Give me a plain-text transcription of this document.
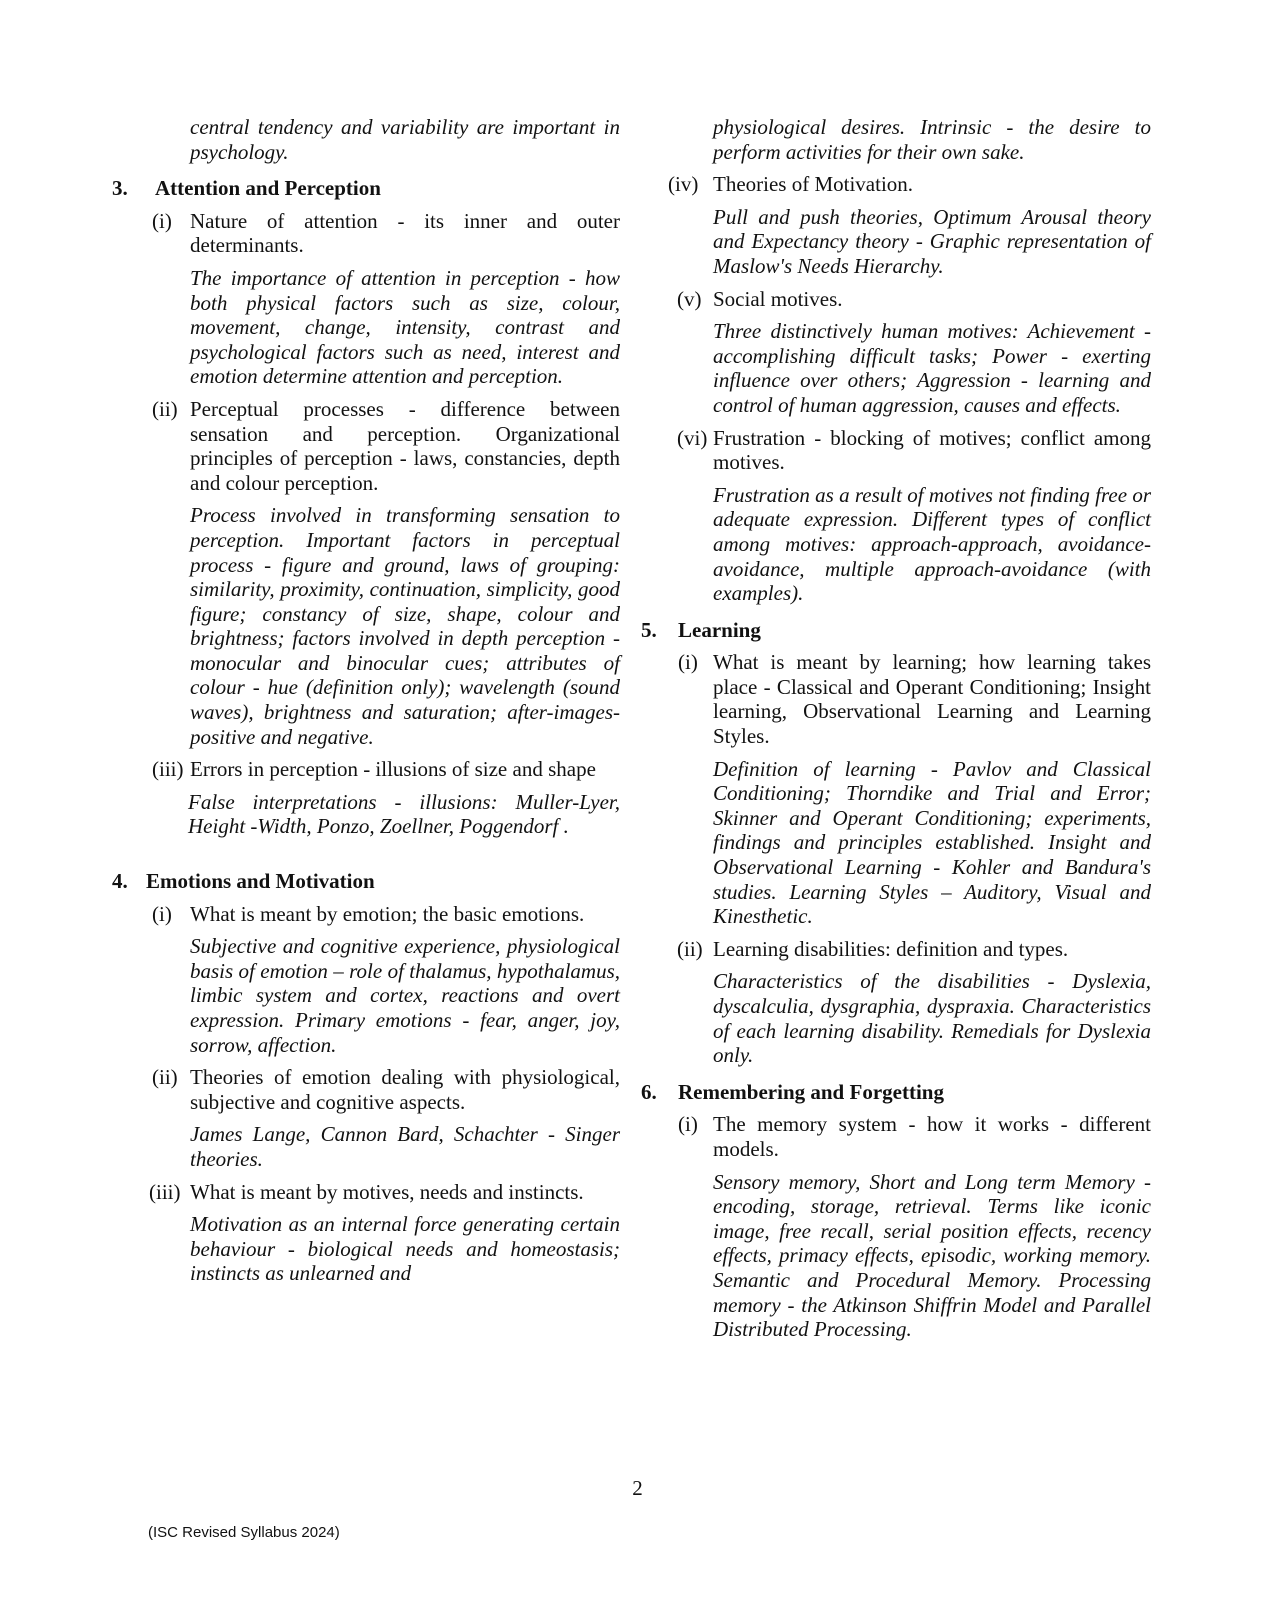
central tendency and variability are important in psychology.
3. Attention and Perception
(i) Nature of attention - its inner and outer determinants.
The importance of attention in perception - how both physical factors such as size, colour, movement, change, intensity, contrast and psychological factors such as need, interest and emotion determine attention and perception.
(ii) Perceptual processes - difference between sensation and perception. Organizational principles of perception - laws, constancies, depth and colour perception.
Process involved in transforming sensation to perception. Important factors in perceptual process - figure and ground, laws of grouping: similarity, proximity, continuation, simplicity, good figure; constancy of size, shape, colour and brightness; factors involved in depth perception -monocular and binocular cues; attributes of colour - hue (definition only); wavelength (sound waves), brightness and saturation; after-images-positive and negative.
(iii) Errors in perception - illusions of size and shape
False interpretations - illusions: Muller-Lyer, Height -Width, Ponzo, Zoellner, Poggendorf .
4. Emotions and Motivation
(i) What is meant by emotion; the basic emotions.
Subjective and cognitive experience, physiological basis of emotion – role of thalamus, hypothalamus, limbic system and cortex, reactions and overt expression. Primary emotions - fear, anger, joy, sorrow, affection.
(ii) Theories of emotion dealing with physiological, subjective and cognitive aspects.
James Lange, Cannon Bard, Schachter - Singer theories.
(iii) What is meant by motives, needs and instincts.
Motivation as an internal force generating certain behaviour - biological needs and homeostasis; instincts as unlearned and
physiological desires. Intrinsic - the desire to perform activities for their own sake.
(iv) Theories of Motivation.
Pull and push theories, Optimum Arousal theory and Expectancy theory - Graphic representation of Maslow's Needs Hierarchy.
(v) Social motives.
Three distinctively human motives: Achievement - accomplishing difficult tasks; Power - exerting influence over others; Aggression - learning and control of human aggression, causes and effects.
(vi) Frustration - blocking of motives; conflict among motives.
Frustration as a result of motives not finding free or adequate expression. Different types of conflict among motives: approach-approach, avoidance-avoidance, multiple approach-avoidance (with examples).
5. Learning
(i) What is meant by learning; how learning takes place - Classical and Operant Conditioning; Insight learning, Observational Learning and Learning Styles.
Definition of learning - Pavlov and Classical Conditioning; Thorndike and Trial and Error; Skinner and Operant Conditioning; experiments, findings and principles established. Insight and Observational Learning - Kohler and Bandura's studies. Learning Styles – Auditory, Visual and Kinesthetic.
(ii) Learning disabilities: definition and types.
Characteristics of the disabilities - Dyslexia, dyscalculia, dysgraphia, dyspraxia. Characteristics of each learning disability. Remedials for Dyslexia only.
6. Remembering and Forgetting
(i) The memory system - how it works - different models.
Sensory memory, Short and Long term Memory - encoding, storage, retrieval. Terms like iconic image, free recall, serial position effects, recency effects, primacy effects, episodic, working memory. Semantic and Procedural Memory. Processing memory - the Atkinson Shiffrin Model and Parallel Distributed Processing.
2
(ISC Revised Syllabus 2024)
